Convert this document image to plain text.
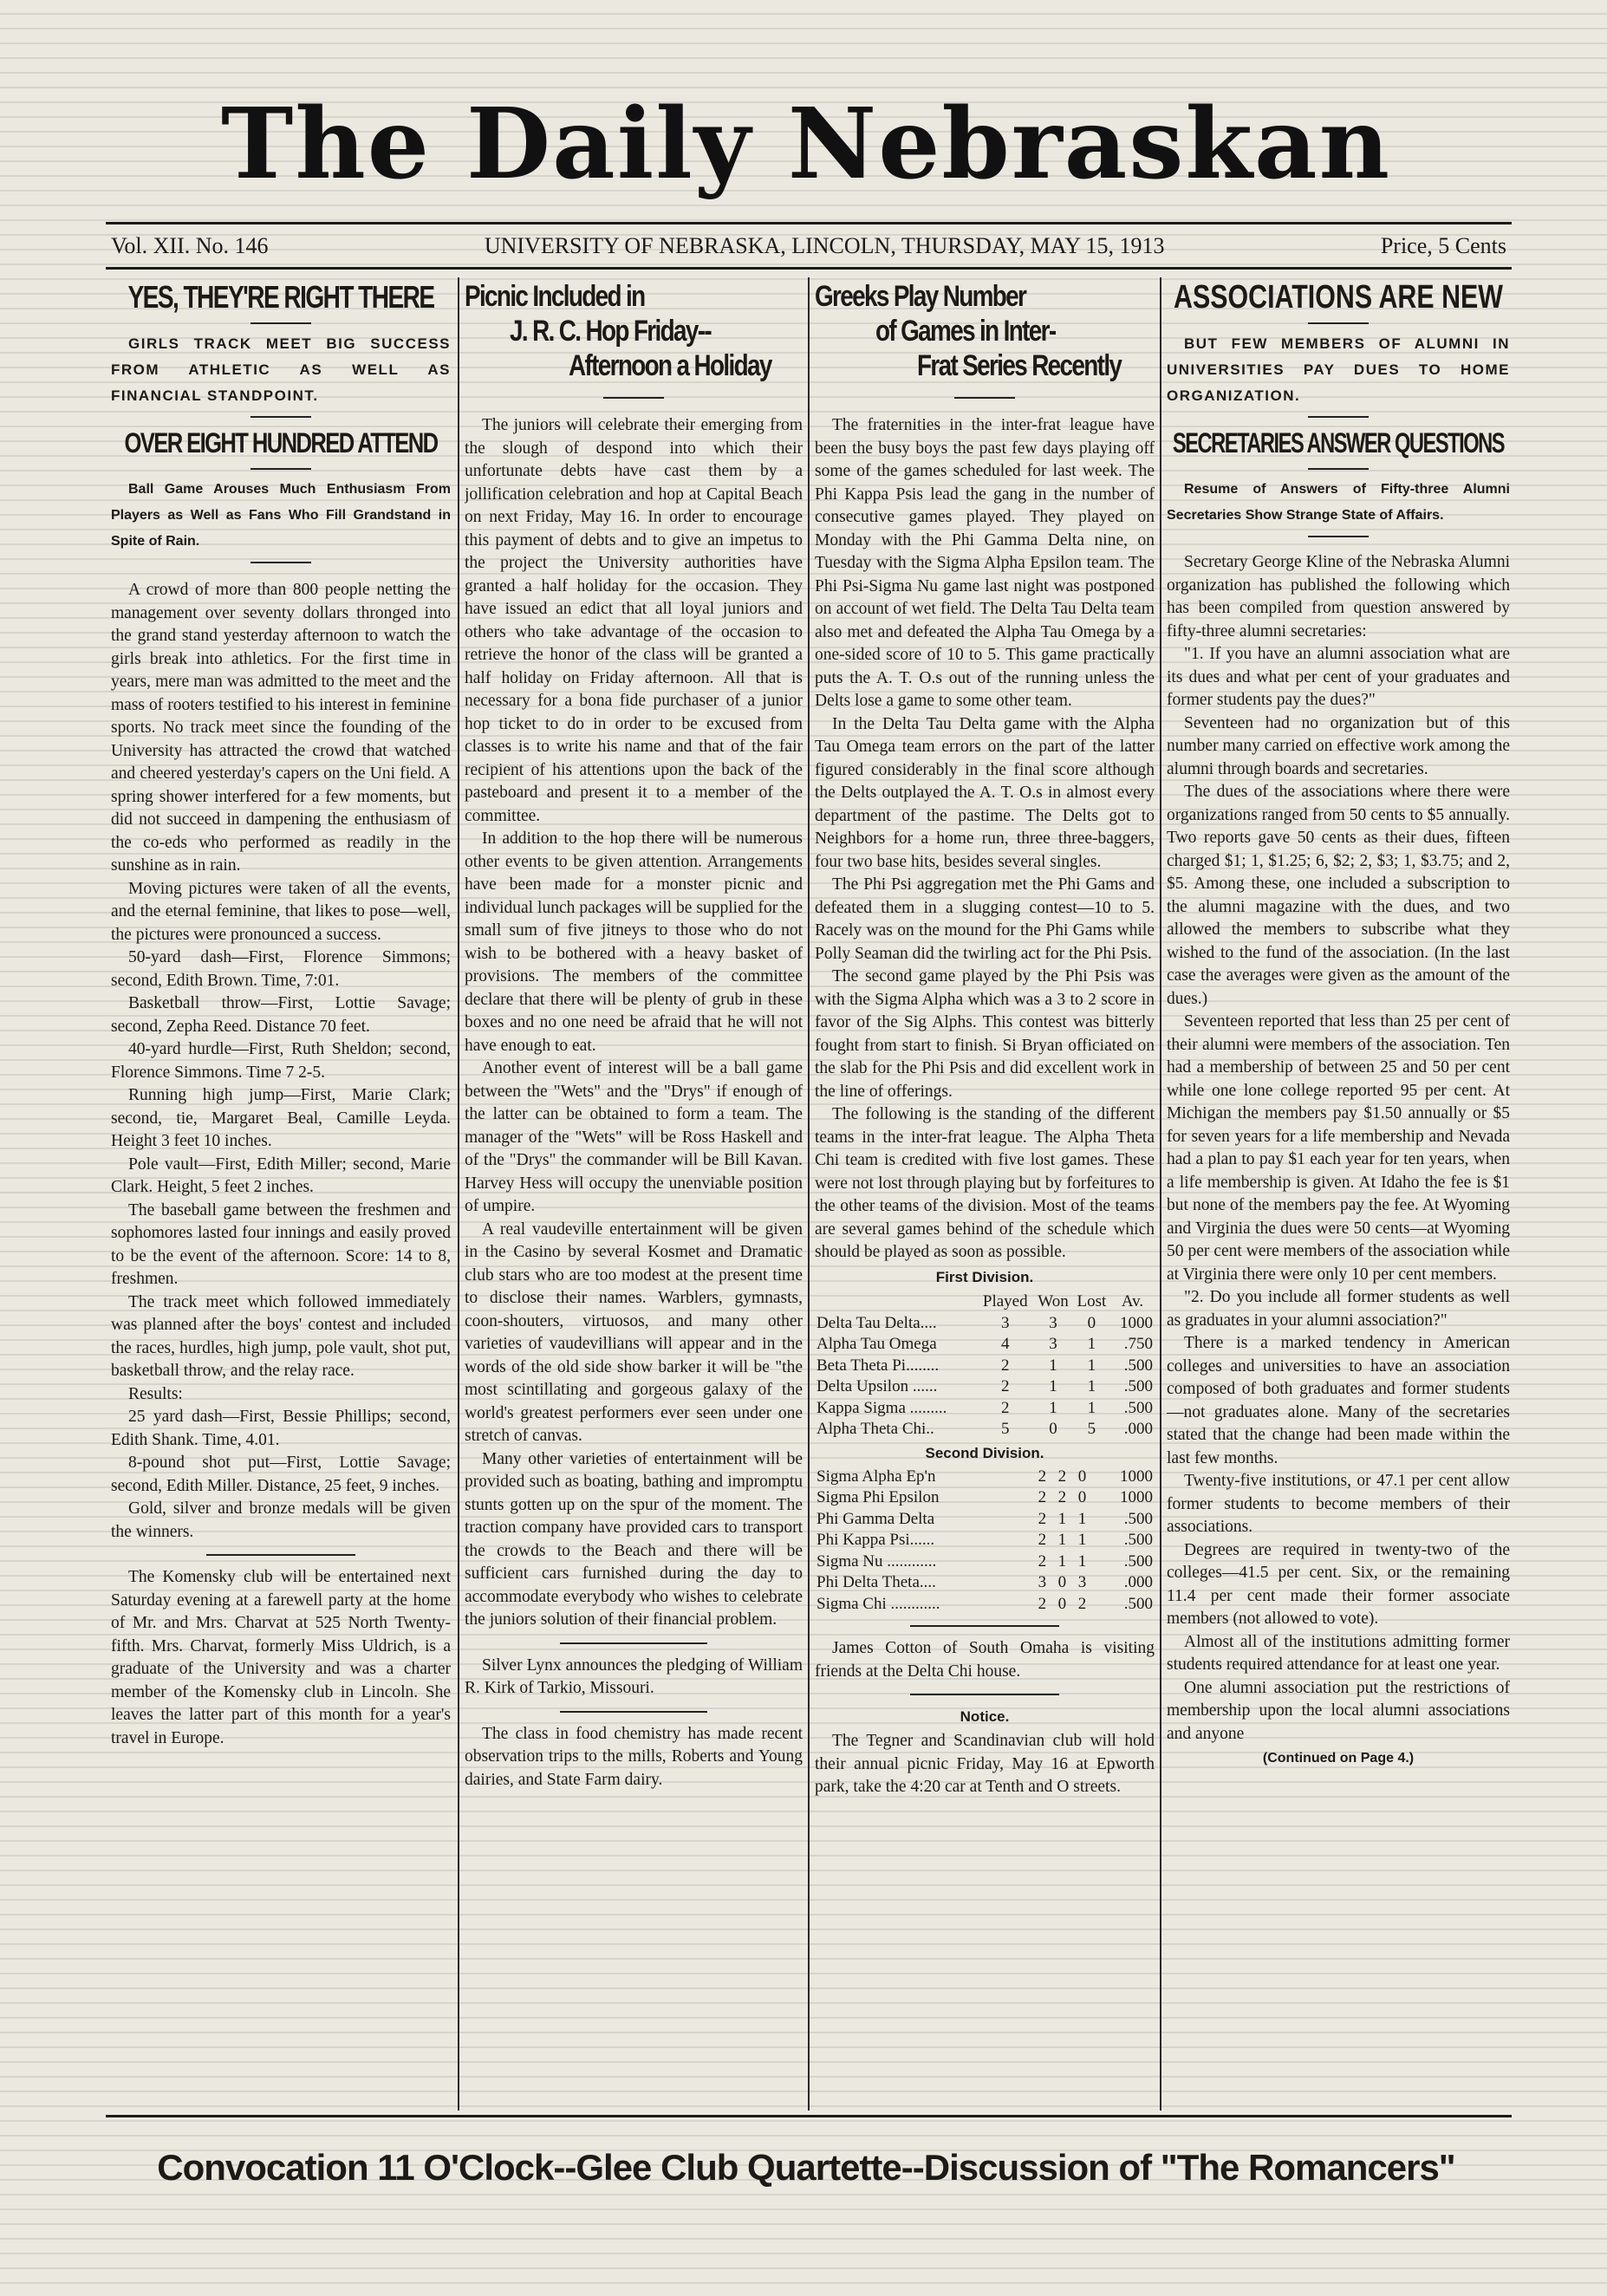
The Daily Nebraskan
Vol. XII. No. 146	UNIVERSITY OF NEBRASKA, LINCOLN, THURSDAY, MAY 15, 1913	Price, 5 Cents
YES, THEY'RE RIGHT THERE

GIRLS TRACK MEET BIG SUCCESS FROM ATHLETIC AS WELL AS FINANCIAL STANDPOINT.

OVER EIGHT HUNDRED ATTEND

Ball Game Arouses Much Enthusiasm From Players as Well as Fans Who Fill Grandstand in Spite of Rain.

A crowd of more than 800 people netting the management over seventy dollars thronged into the grand stand yesterday afternoon to watch the girls break into athletics. For the first time in years, mere man was admitted to the meet and the mass of rooters testified to his interest in feminine sports. No track meet since the founding of the University has attracted the crowd that watched and cheered yesterday's capers on the Uni field. A spring shower interfered for a few moments, but did not succeed in dampening the enthusiasm of the co-eds who performed as readily in the sunshine as in rain.

Moving pictures were taken of all the events, and the eternal feminine, that likes to pose—well, the pictures were pronounced a success.

50-yard dash—First, Florence Simmons; second, Edith Brown. Time, 7:01.

Basketball throw—First, Lottie Savage; second, Zepha Reed. Distance 70 feet.

40-yard hurdle—First, Ruth Sheldon; second, Florence Simmons. Time 7 2-5.

Running high jump—First, Marie Clark; second, tie, Margaret Beal, Camille Leyda. Height 3 feet 10 inches.

Pole vault—First, Edith Miller; second, Marie Clark. Height, 5 feet 2 inches.

The baseball game between the freshmen and sophomores lasted four innings and easily proved to be the event of the afternoon. Score: 14 to 8, freshmen.

The track meet which followed immediately was planned after the boys' contest and included the races, hurdles, high jump, pole vault, shot put, basketball throw, and the relay race.

Results:

25 yard dash—First, Bessie Phillips; second, Edith Shank. Time, 4.01.

8-pound shot put—First, Lottie Savage; second, Edith Miller. Distance, 25 feet, 9 inches.

Gold, silver and bronze medals will be given the winners.

The Komensky club will be entertained next Saturday evening at a farewell party at the home of Mr. and Mrs. Charvat at 525 North Twenty-fifth. Mrs. Charvat, formerly Miss Uldrich, is a graduate of the University and was a charter member of the Komensky club in Lincoln. She leaves the latter part of this month for a year's travel in Europe.

Picnic Included in
J. R. C. Hop Friday--
Afternoon a Holiday

The juniors will celebrate their emerging from the slough of despond into which their unfortunate debts have cast them by a jollification celebration and hop at Capital Beach on next Friday, May 16. In order to encourage this payment of debts and to give an impetus to the project the University authorities have granted a half holiday for the occasion. They have issued an edict that all loyal juniors and others who take advantage of the occasion to retrieve the honor of the class will be granted a half holiday on Friday afternoon. All that is necessary for a bona fide purchaser of a junior hop ticket to do in order to be excused from classes is to write his name and that of the fair recipient of his attentions upon the back of the pasteboard and present it to a member of the committee.

In addition to the hop there will be numerous other events to be given attention. Arrangements have been made for a monster picnic and individual lunch packages will be supplied for the small sum of five jitneys to those who do not wish to be bothered with a heavy basket of provisions. The members of the committee declare that there will be plenty of grub in these boxes and no one need be afraid that he will not have enough to eat.

Another event of interest will be a ball game between the "Wets" and the "Drys" if enough of the latter can be obtained to form a team. The manager of the "Wets" will be Ross Haskell and of the "Drys" the commander will be Bill Kavan. Harvey Hess will occupy the unenviable position of umpire.

A real vaudeville entertainment will be given in the Casino by several Kosmet and Dramatic club stars who are too modest at the present time to disclose their names. Warblers, gymnasts, coon-shouters, virtuosos, and many other varieties of vaudevillians will appear and in the words of the old side show barker it will be "the most scintillating and gorgeous galaxy of the world's greatest performers ever seen under one stretch of canvas.

Many other varieties of entertainment will be provided such as boating, bathing and impromptu stunts gotten up on the spur of the moment. The traction company have provided cars to transport the crowds to the Beach and there will be sufficient cars furnished during the day to accommodate everybody who wishes to celebrate the juniors solution of their financial problem.

Silver Lynx announces the pledging of William R. Kirk of Tarkio, Missouri.

The class in food chemistry has made recent observation trips to the mills, Roberts and Young dairies, and State Farm dairy.

Greeks Play Number
of Games in Inter-
Frat Series Recently

The fraternities in the inter-frat league have been the busy boys the past few days playing off some of the games scheduled for last week. The Phi Kappa Psis lead the gang in the number of consecutive games played. They played on Monday with the Phi Gamma Delta nine, on Tuesday with the Sigma Alpha Epsilon team. The Phi Psi-Sigma Nu game last night was postponed on account of wet field. The Delta Tau Delta team also met and defeated the Alpha Tau Omega by a one-sided score of 10 to 5. This game practically puts the A. T. O.s out of the running unless the Delts lose a game to some other team.

In the Delta Tau Delta game with the Alpha Tau Omega team errors on the part of the latter figured considerably in the final score although the Delts outplayed the A. T. O.s in almost every department of the pastime. The Delts got to Neighbors for a home run, three three-baggers, four two base hits, besides several singles.

The Phi Psi aggregation met the Phi Gams and defeated them in a slugging contest—10 to 5. Racely was on the mound for the Phi Gams while Polly Seaman did the twirling act for the Phi Psis.

The second game played by the Phi Psis was with the Sigma Alpha which was a 3 to 2 score in favor of the Sig Alphs. This contest was bitterly fought from start to finish. Si Bryan officiated on the slab for the Phi Psis and did excellent work in the line of offerings.

The following is the standing of the different teams in the inter-frat league. The Alpha Theta Chi team is credited with five lost games. These were not lost through playing but by forfeitures to the other teams of the division. Most of the teams are several games behind of the schedule which should be played as soon as possible.

First Division.
	Played	Won	Lost	Av.
Delta Tau Delta....	3	3	0	1000
Alpha Tau Omega	4	3	1	.750
Beta Theta Pi........	2	1	1	.500
Delta Upsilon ......	2	1	1	.500
Kappa Sigma .........	2	1	1	.500
Alpha Theta Chi..	5	0	5	.000
Second Division.
Sigma Alpha Ep'n	2	2	0	1000
Sigma Phi Epsilon	2	2	0	1000
Phi Gamma Delta	2	1	1	.500
Phi Kappa Psi......	2	1	1	.500
Sigma Nu ............	2	1	1	.500
Phi Delta Theta....	3	0	3	.000
Sigma Chi ............	2	0	2	.500

James Cotton of South Omaha is visiting friends at the Delta Chi house.

Notice.

The Tegner and Scandinavian club will hold their annual picnic Friday, May 16 at Epworth park, take the 4:20 car at Tenth and O streets.

ASSOCIATIONS ARE NEW

BUT FEW MEMBERS OF ALUMNI IN UNIVERSITIES PAY DUES TO HOME ORGANIZATION.

SECRETARIES ANSWER QUESTIONS

Resume of Answers of Fifty-three Alumni Secretaries Show Strange State of Affairs.

Secretary George Kline of the Nebraska Alumni organization has published the following which has been compiled from question answered by fifty-three alumni secretaries:

"1. If you have an alumni association what are its dues and what per cent of your graduates and former students pay the dues?"

Seventeen had no organization but of this number many carried on effective work among the alumni through boards and secretaries.

The dues of the associations where there were organizations ranged from 50 cents to $5 annually. Two reports gave 50 cents as their dues, fifteen charged $1; 1, $1.25; 6, $2; 2, $3; 1, $3.75; and 2, $5. Among these, one included a subscription to the alumni magazine with the dues, and two allowed the members to subscribe what they wished to the fund of the association. (In the last case the averages were given as the amount of the dues.)

Seventeen reported that less than 25 per cent of their alumni were members of the association. Ten had a membership of between 25 and 50 per cent while one lone college reported 95 per cent. At Michigan the members pay $1.50 annually or $5 for seven years for a life membership and Nevada had a plan to pay $1 each year for ten years, when a life membership is given. At Idaho the fee is $1 but none of the members pay the fee. At Wyoming and Virginia the dues were 50 cents—at Wyoming 50 per cent were members of the association while at Virginia there were only 10 per cent members.

"2. Do you include all former students as well as graduates in your alumni association?"

There is a marked tendency in American colleges and universities to have an association composed of both graduates and former students—not graduates alone. Many of the secretaries stated that the change had been made within the last few months.

Twenty-five institutions, or 47.1 per cent allow former students to become members of their associations.

Degrees are required in twenty-two of the colleges—41.5 per cent. Six, or the remaining 11.4 per cent made their former associate members (not allowed to vote).

Almost all of the institutions admitting former students required attendance for at least one year.

One alumni association put the restrictions of membership upon the local alumni associations and anyone

(Continued on Page 4.)
Convocation 11 O'Clock--Glee Club Quartette--Discussion of "The Romancers"
